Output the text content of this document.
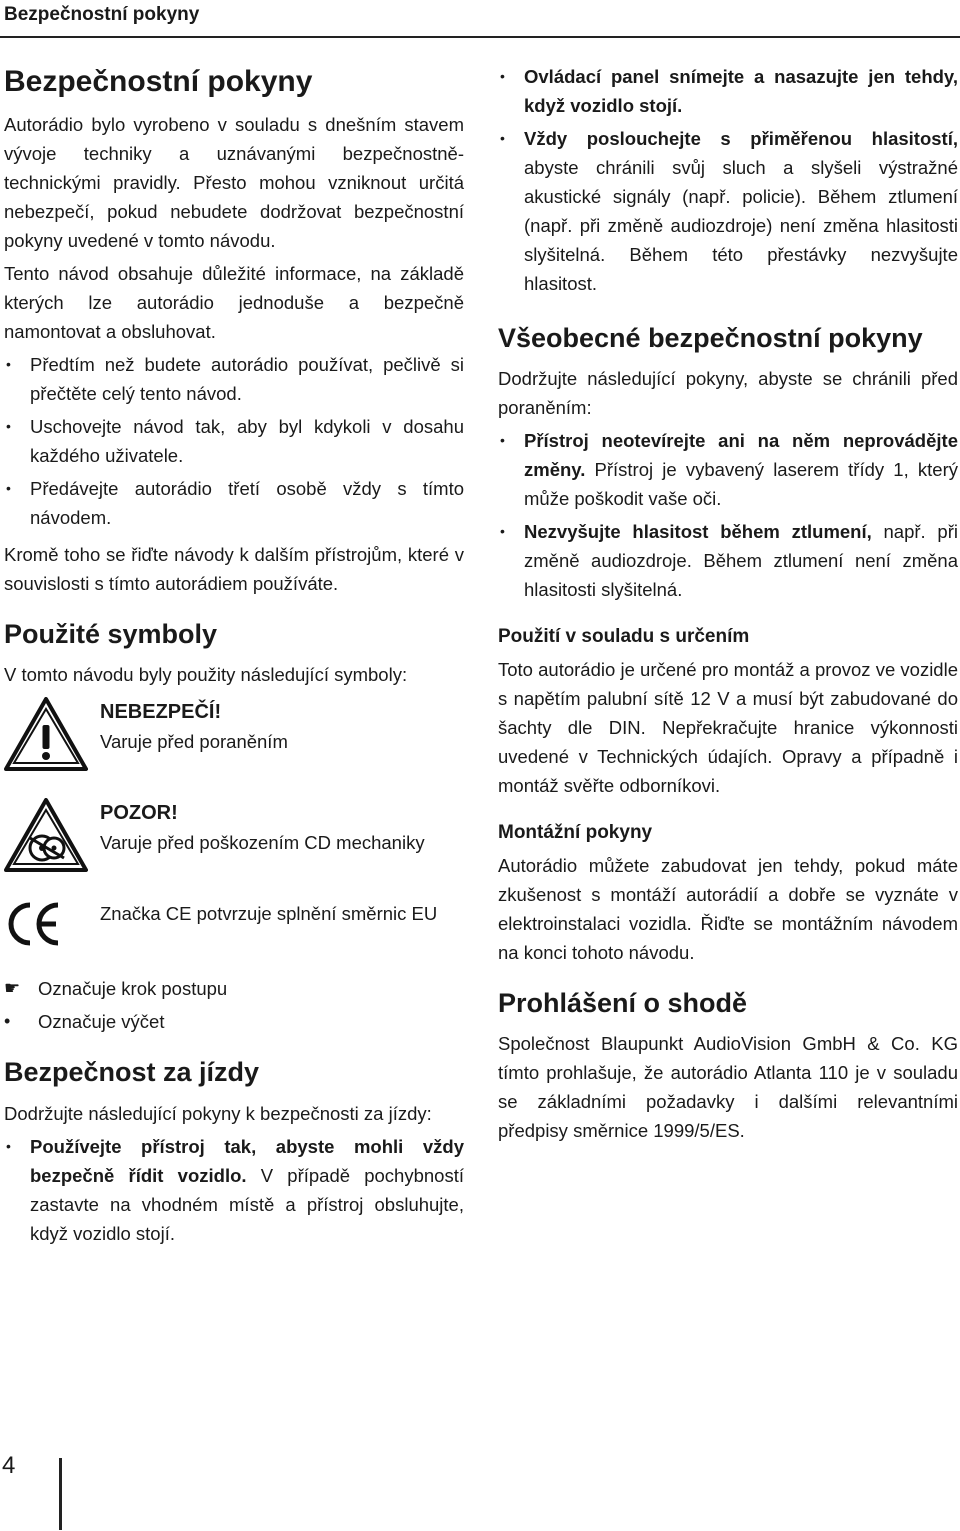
Bezpečnostní pokyny
Bezpečnostní pokyny

Autorádio bylo vyrobeno v souladu s dnešním stavem vývoje techniky a uznávanými bezpečnostně-technickými pravidly. Přesto mohou vzniknout určitá nebezpečí, pokud nebudete dodržovat bezpečnostní pokyny uvedené v tomto návodu.

Tento návod obsahuje důležité informace, na základě kterých lze autorádio jednoduše a bezpečně namontovat a obsluhovat.

• Předtím než budete autorádio používat, pečlivě si přečtěte celý tento návod.
• Uschovejte návod tak, aby byl kdykoli v dosahu každého uživatele.
• Předávejte autorádio třetí osobě vždy s tímto návodem.

Kromě toho se řiďte návody k dalším přístrojům, které v souvislosti s tímto autorádiem používáte.

Použité symboly

V tomto návodu byly použity následující symboly:

NEBEZPEČÍ!
Varuje před poraněním
POZOR!
Varuje před poškozením CD mechaniky
Značka CE potvrzuje splnění směrnic EU
☛ Označuje krok postupu
•	Označuje výčet
Bezpečnost za jízdy

Dodržujte následující pokyny k bezpečnosti za jízdy:

• Používejte přístroj tak, abyste mohli vždy bezpečně řídit vozidlo. V případě pochybností zastavte na vhodném místě a přístroj obsluhujte, když vozidlo stojí.
• Ovládací panel snímejte a nasazujte jen tehdy, když vozidlo stojí.
• Vždy poslouchejte s přiměřenou hlasitostí, abyste chránili svůj sluch a slyšeli výstražné akustické signály (např. policie). Během ztlumení (např. při změně audiozdroje) není změna hlasitosti slyšitelná. Během této přestávky nezvyšujte hlasitost.
Všeobecné bezpečnostní pokyny

Dodržujte následující pokyny, abyste se chránili před poraněním:

• Přístroj neotevírejte ani na něm neprovádějte změny. Přístroj je vybavený laserem třídy 1, který může poškodit vaše oči.
• Nezvyšujte hlasitost během ztlumení, např. při změně audiozdroje. Během ztlumení není změna hlasitosti slyšitelná.
Použití v souladu s určením

Toto autorádio je určené pro montáž a provoz ve vozidle s napětím palubní sítě 12 V a musí být zabudované do šachty dle DIN. Nepřekračujte hranice výkonnosti uvedené v Technických údajích. Opravy a případně i montáž svěřte odborníkovi.

Montážní pokyny

Autorádio můžete zabudovat jen tehdy, pokud máte zkušenost s montáží autorádií a dobře se vyznáte v elektroinstalaci vozidla. Řiďte se montážním návodem na konci tohoto návodu.

Prohlášení o shodě

Společnost Blaupunkt AudioVision GmbH & Co. KG tímto prohlašuje, že autorádio Atlanta 110 je v souladu se základními požadavky i dalšími relevantními předpisy směrnice 1999/5/ES.

4
